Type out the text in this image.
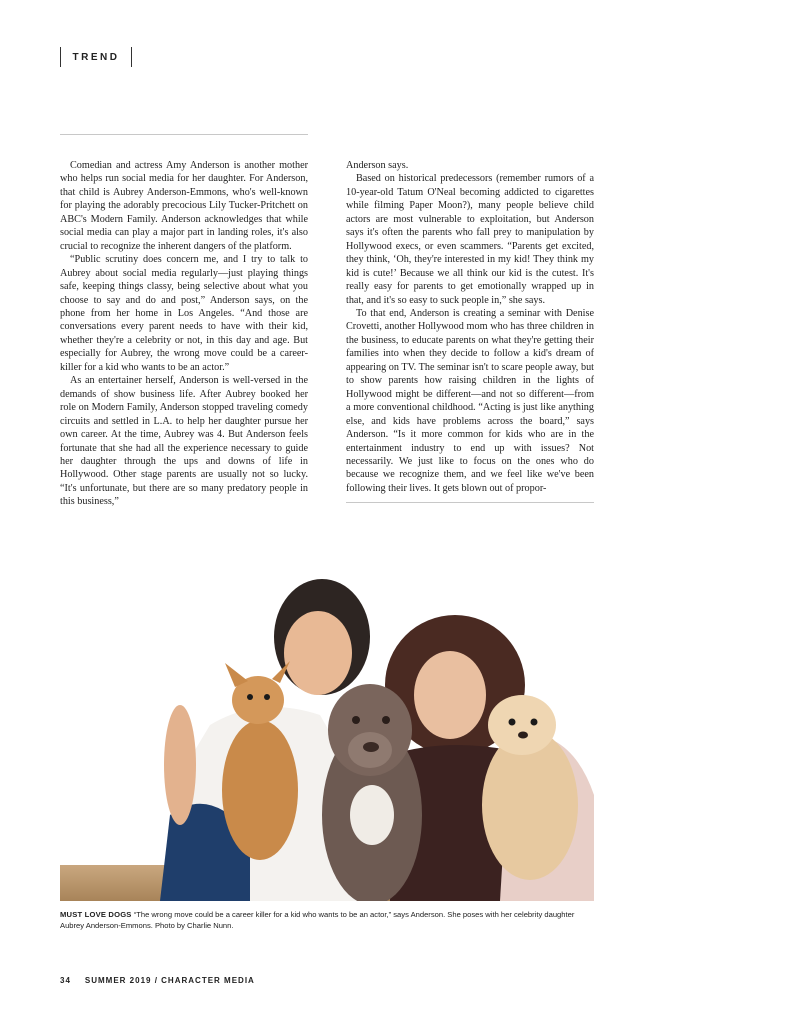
TREND

Comedian and actress Amy Anderson is another mother who helps run social media for her daughter. For Anderson, that child is Aubrey Anderson-Emmons, who's well-known for playing the adorably precocious Lily Tucker-Pritchett on ABC's Modern Family. Anderson acknowledges that while social media can play a major part in landing roles, it's also crucial to recognize the inherent dangers of the platform.

“Public scrutiny does concern me, and I try to talk to Aubrey about social media regularly—just playing things safe, keeping things classy, being selective about what you choose to say and do and post,” Anderson says, on the phone from her home in Los Angeles. “And those are conversations every parent needs to have with their kid, whether they're a celebrity or not, in this day and age. But especially for Aubrey, the wrong move could be a career-killer for a kid who wants to be an actor.”

As an entertainer herself, Anderson is well-versed in the demands of show business life. After Aubrey booked her role on Modern Family, Anderson stopped traveling comedy circuits and settled in L.A. to help her daughter pursue her own career. At the time, Aubrey was 4. But Anderson feels fortunate that she had all the experience necessary to guide her daughter through the ups and downs of life in Hollywood. Other stage parents are usually not so lucky. “It's unfortunate, but there are so many predatory people in this business,”

Anderson says.

Based on historical predecessors (remember rumors of a 10-year-old Tatum O'Neal becoming addicted to cigarettes while filming Paper Moon?), many people believe child actors are most vulnerable to exploitation, but Anderson says it's often the parents who fall prey to manipulation by Hollywood execs, or even scammers. “Parents get excited, they think, ‘Oh, they're interested in my kid! They think my kid is cute!’ Because we all think our kid is the cutest. It's really easy for parents to get emotionally wrapped up in that, and it's so easy to suck people in,” she says.

To that end, Anderson is creating a seminar with Denise Crovetti, another Hollywood mom who has three children in the business, to educate parents on what they're getting their families into when they decide to follow a kid's dream of appearing on TV. The seminar isn't to scare people away, but to show parents how raising children in the lights of Hollywood might be different—and not so different—from a more conventional childhood. “Acting is just like anything else, and kids have problems across the board,” says Anderson. “Is it more common for kids who are in the entertainment industry to end up with issues? Not necessarily. We just like to focus on the ones who do because we recognize them, and we feel like we've been following their lives. It gets blown out of propor-

MUST LOVE DOGS “The wrong move could be a career killer for a kid who wants to be an actor,” says Anderson. She poses with her celebrity daughter Aubrey Anderson-Emmons. Photo by Charlie Nunn.
34 SUMMER 2019 / CHARACTER MEDIA
